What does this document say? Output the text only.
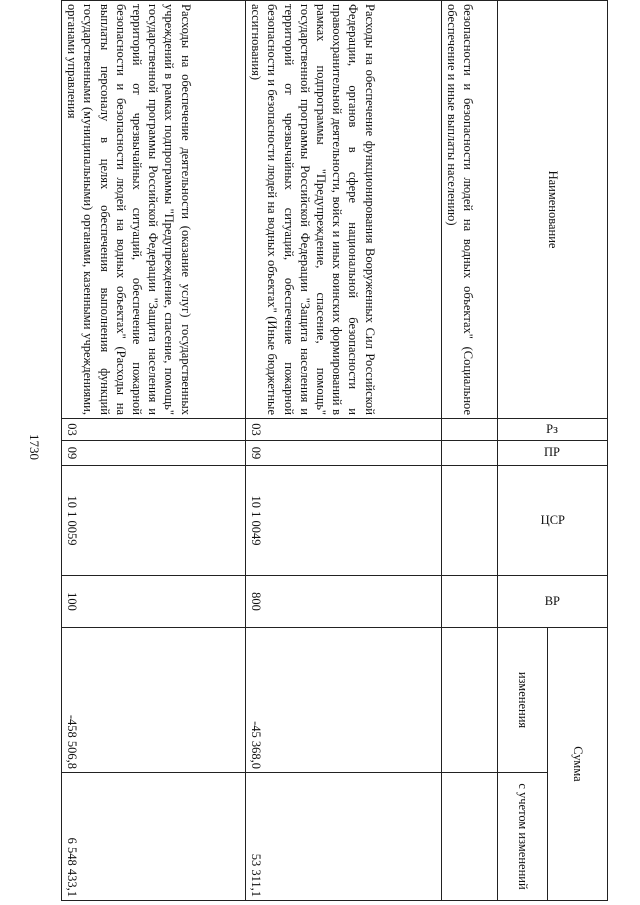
1730
Наименование	Рз	ПР	ЦСР	ВР	Сумма	
					изменения	с учетом изменений

безопасности и безопасности людей на водных объектах" (Социальное обеспечение и иные выплаты населению)						

Расходы на обеспечение функционирования Вооруженных Сил Российской Федерации, органов в сфере национальной безопасности и правоохранительной деятельности, войск и иных воинских формирований в рамках подпрограммы "Предупреждение, спасение, помощь" государственной программы Российской Федерации "Защита населения и территорий от чрезвычайных ситуаций, обеспечение пожарной безопасности и безопасности людей на водных объектах" (Иные бюджетные ассигнования)	03	09	10 1 0049	800	-45 368,0	53 311,1

Расходы на обеспечение деятельности (оказание услуг) государственных учреждений в рамках подпрограммы "Предупреждение, спасение, помощь" государственной программы Российской Федерации "Защита населения и территорий от чрезвычайных ситуаций, обеспечение пожарной безопасности и безопасности людей на водных объектах" (Расходы на выплаты персоналу в целях обеспечения выполнения функций государственными (муниципальными) органами, казенными учреждениями, органами управления	03	09	10 1 0059	100	-458 506,8	6 548 433,1
